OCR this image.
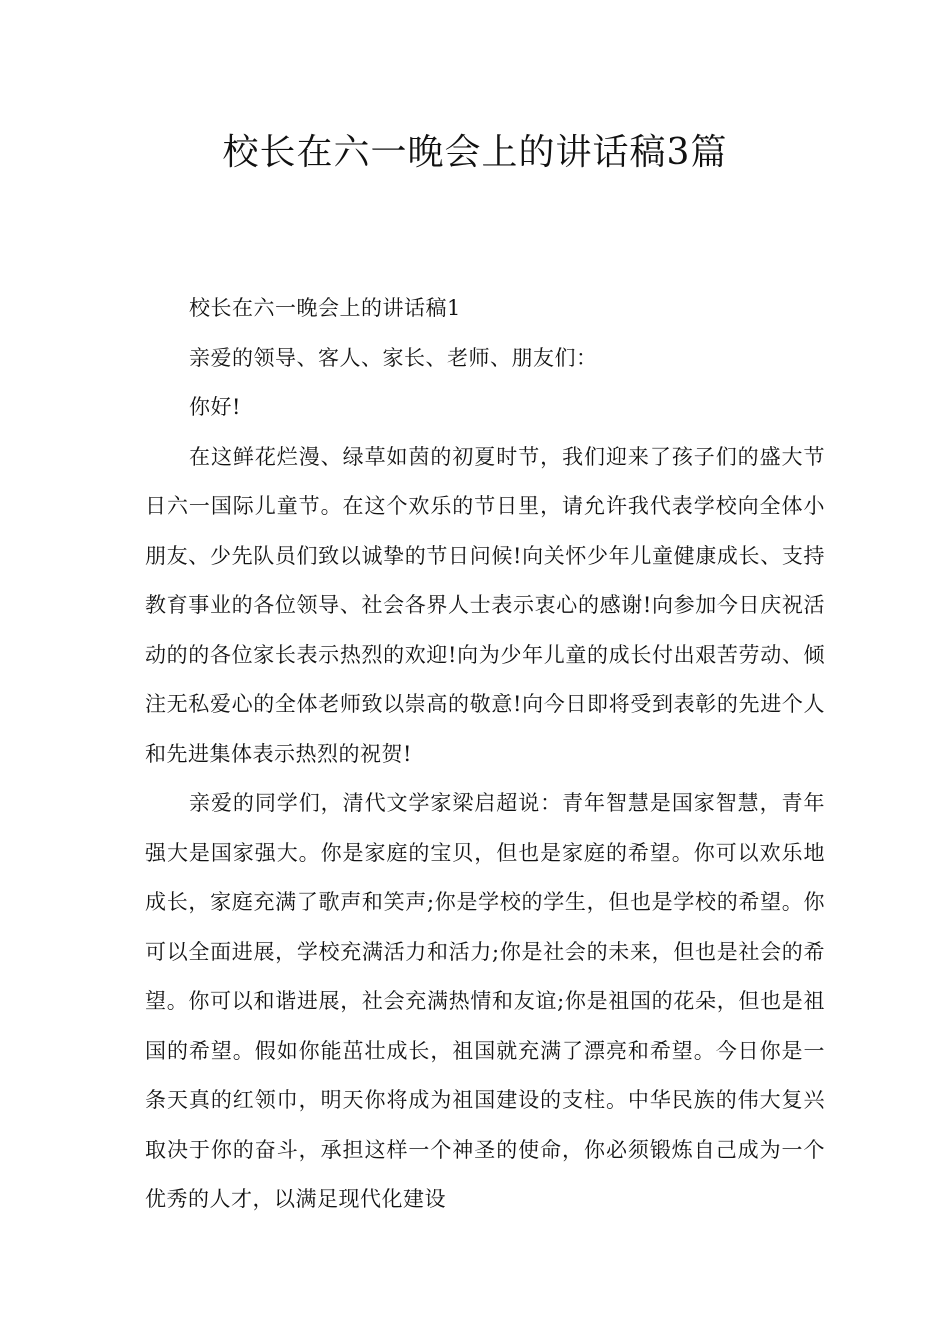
校长在六一晚会上的讲话稿3篇

校长在六一晚会上的讲话稿1

亲爱的领导、客人、家长、老师、朋友们：

你好!

在这鲜花烂漫、绿草如茵的初夏时节，我们迎来了孩子们的盛大节日六一国际儿童节。在这个欢乐的节日里，请允许我代表学校向全体小朋友、少先队员们致以诚挚的节日问候!向关怀少年儿童健康成长、支持教育事业的各位领导、社会各界人士表示衷心的感谢!向参加今日庆祝活动的的各位家长表示热烈的欢迎!向为少年儿童的成长付出艰苦劳动、倾注无私爱心的全体老师致以崇高的敬意!向今日即将受到表彰的先进个人和先进集体表示热烈的祝贺!

亲爱的同学们，清代文学家梁启超说：青年智慧是国家智慧，青年强大是国家强大。你是家庭的宝贝，但也是家庭的希望。你可以欢乐地成长，家庭充满了歌声和笑声;你是学校的学生，但也是学校的希望。你可以全面进展，学校充满活力和活力;你是社会的未来，但也是社会的希望。你可以和谐进展，社会充满热情和友谊;你是祖国的花朵，但也是祖国的希望。假如你能茁壮成长，祖国就充满了漂亮和希望。今日你是一条天真的红领巾，明天你将成为祖国建设的支柱。中华民族的伟大复兴取决于你的奋斗，承担这样一个神圣的使命，你必须锻炼自己成为一个优秀的人才，以满足现代化建设
